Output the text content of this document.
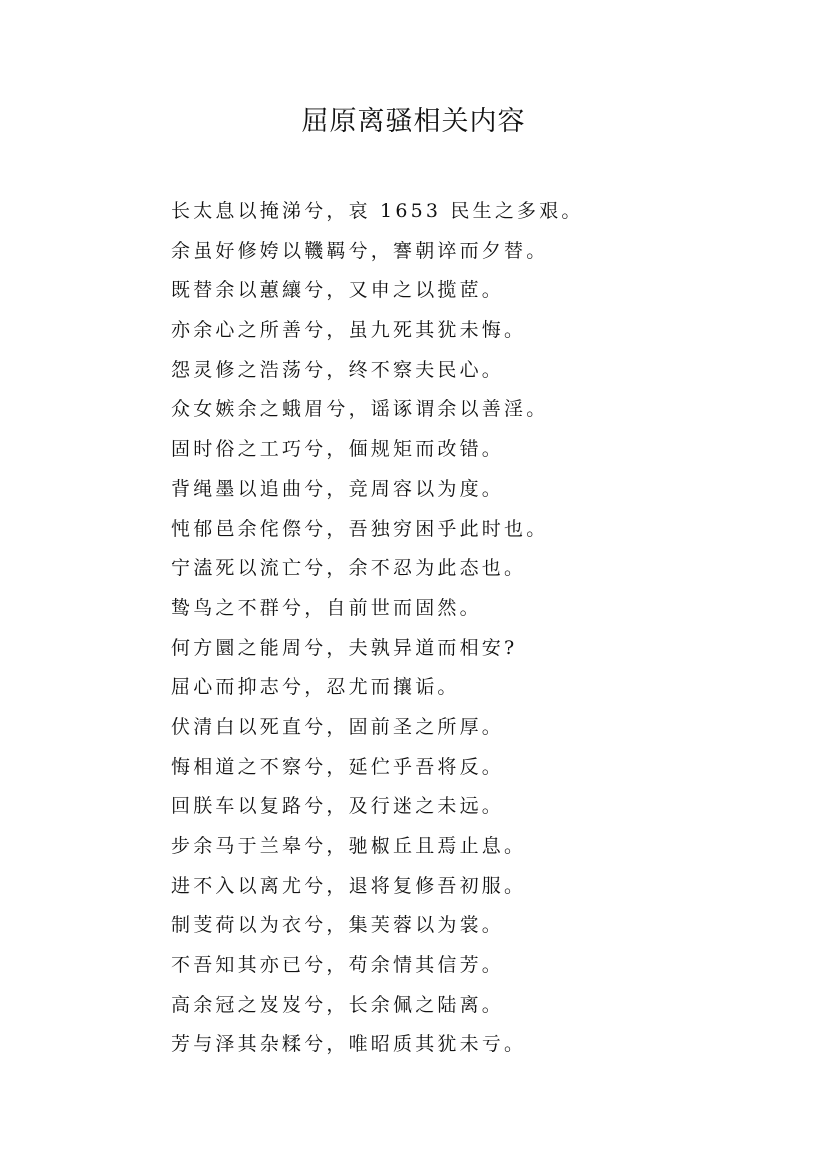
屈原离骚相关内容
长太息以掩涕兮，哀 1653 民生之多艰。
余虽好修姱以鞿羁兮，謇朝谇而夕替。
既替余以蕙纕兮，又申之以揽茝。
亦余心之所善兮，虽九死其犹未悔。
怨灵修之浩荡兮，终不察夫民心。
众女嫉余之蛾眉兮，谣诼谓余以善淫。
固时俗之工巧兮，偭规矩而改错。
背绳墨以追曲兮，竞周容以为度。
忳郁邑余侘傺兮，吾独穷困乎此时也。
宁溘死以流亡兮，余不忍为此态也。
鸷鸟之不群兮，自前世而固然。
何方圜之能周兮，夫孰异道而相安?
屈心而抑志兮，忍尤而攘诟。
伏清白以死直兮，固前圣之所厚。
悔相道之不察兮，延伫乎吾将反。
回朕车以复路兮，及行迷之未远。
步余马于兰皋兮，驰椒丘且焉止息。
进不入以离尤兮，退将复修吾初服。
制芰荷以为衣兮，集芙蓉以为裳。
不吾知其亦已兮，苟余情其信芳。
高余冠之岌岌兮，长余佩之陆离。
芳与泽其杂糅兮，唯昭质其犹未亏。
